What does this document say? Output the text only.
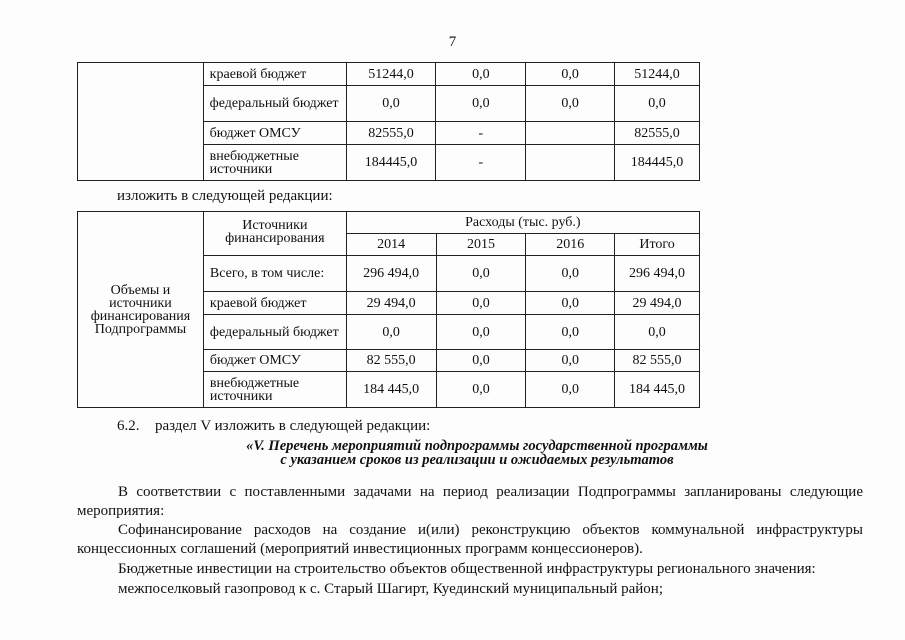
7
	краевой бюджет	51244,0	0,0	0,0	51244,0
	федеральный бюджет	0,0	0,0	0,0	0,0
	бюджет ОМСУ	82555,0	-		82555,0
	внебюджетные источники	184445,0	-		184445,0
изложить в следующей редакции:
Объемы и источники финансирования Подпрограммы	Источники финансирования	Расходы (тыс. руб.)			
		2014	2015	2016	Итого
	Всего, в том числе:	296 494,0	0,0	0,0	296 494,0
	краевой бюджет	29 494,0	0,0	0,0	29 494,0
	федеральный бюджет	0,0	0,0	0,0	0,0
	бюджет ОМСУ	82 555,0	0,0	0,0	82 555,0
	внебюджетные источники	184 445,0	0,0	0,0	184 445,0
6.2. раздел V изложить в следующей редакции:
«V. Перечень мероприятий подпрограммы государственной программы
с указанием сроков из реализации и ожидаемых результатов
В соответствии с поставленными задачами на период реализации Подпрограммы запланированы следующие мероприятия:
Софинансирование расходов на создание и(или) реконструкцию объектов коммунальной инфраструктуры концессионных соглашений (мероприятий инвестиционных программ концессионеров).
Бюджетные инвестиции на строительство объектов общественной инфраструктуры регионального значения:
межпоселковый газопровод к с. Старый Шагирт, Куединский муниципальный район;
